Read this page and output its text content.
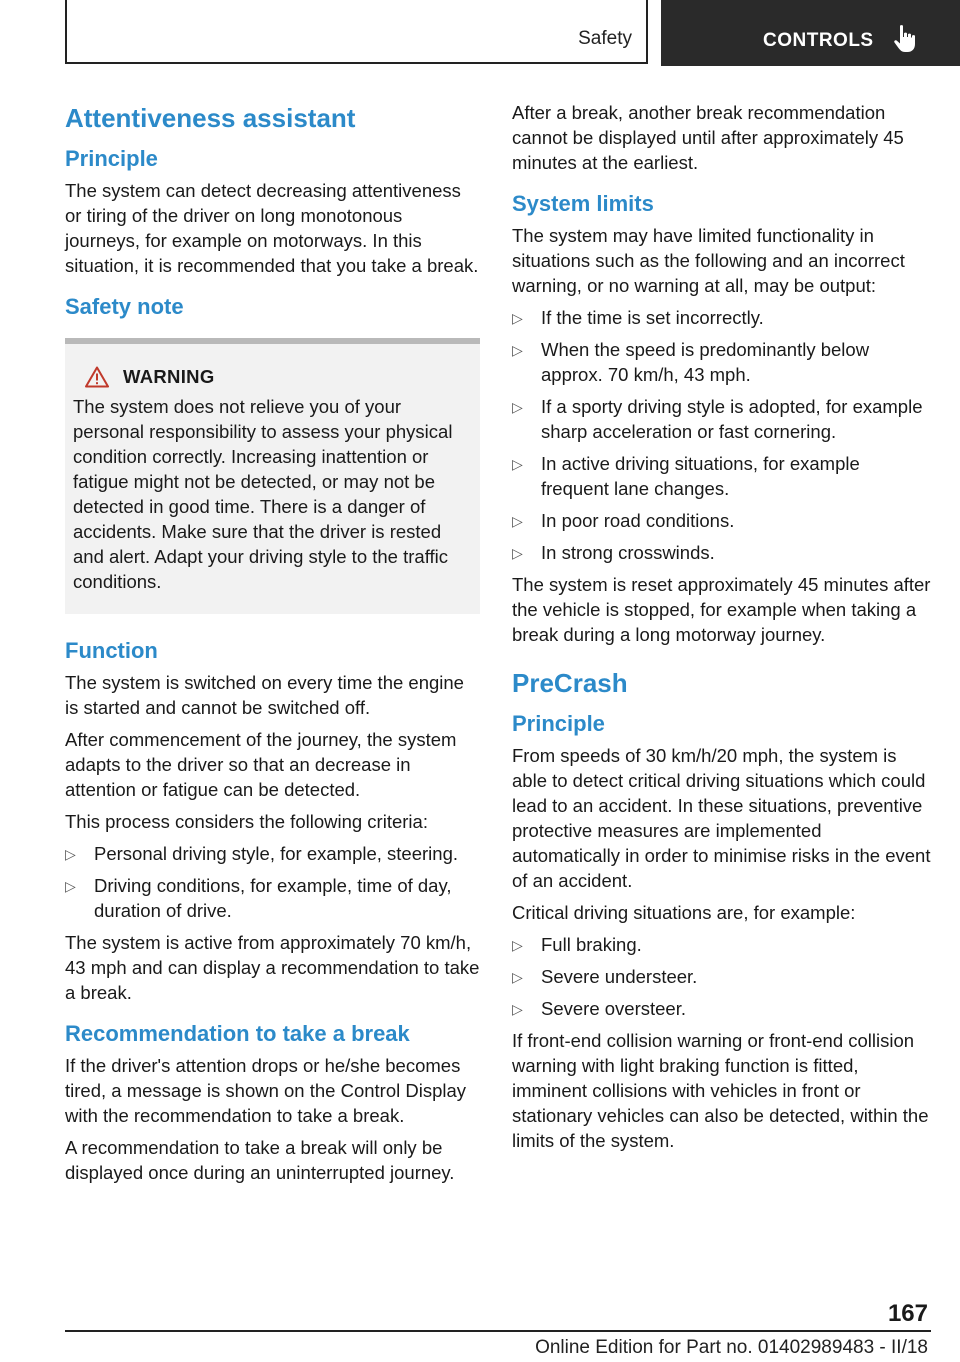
Safety	CONTROLS
Attentiveness assistant
Principle

The system can detect decreasing attentiveness or tiring of the driver on long monotonous journeys, for example on motorways. In this situation, it is recommended that you take a break.

Safety note
WARNING

The system does not relieve you of your personal responsibility to assess your physical condition correctly. Increasing inattention or fatigue might not be detected, or may not be detected in good time. There is a danger of accidents. Make sure that the driver is rested and alert. Adapt your driving style to the traffic conditions.

Function

The system is switched on every time the engine is started and cannot be switched off.

After commencement of the journey, the system adapts to the driver so that an decrease in attention or fatigue can be detected.

This process considers the following criteria:

▷ Personal driving style, for example, steering.
▷ Driving conditions, for example, time of day, duration of drive.

The system is active from approximately 70 km/h, 43 mph and can display a recommendation to take a break.

Recommendation to take a break

If the driver's attention drops or he/she becomes tired, a message is shown on the Control Display with the recommendation to take a break.

A recommendation to take a break will only be displayed once during an uninterrupted journey.

After a break, another break recommendation cannot be displayed until after approximately 45 minutes at the earliest.

System limits

The system may have limited functionality in situations such as the following and an incorrect warning, or no warning at all, may be output:

▷ If the time is set incorrectly.
▷ When the speed is predominantly below approx. 70 km/h, 43 mph.
▷ If a sporty driving style is adopted, for example sharp acceleration or fast cornering.
▷ In active driving situations, for example frequent lane changes.
▷ In poor road conditions.
▷ In strong crosswinds.

The system is reset approximately 45 minutes after the vehicle is stopped, for example when taking a break during a long motorway journey.

PreCrash
Principle

From speeds of 30 km/h/20 mph, the system is able to detect critical driving situations which could lead to an accident. In these situations, preventive protective measures are implemented automatically in order to minimise risks in the event of an accident.

Critical driving situations are, for example:

▷ Full braking.
▷ Severe understeer.
▷ Severe oversteer.

If front-end collision warning or front-end collision warning with light braking function is fitted, imminent collisions with vehicles in front or stationary vehicles can also be detected, within the limits of the system.

167
Online Edition for Part no. 01402989483 - II/18
